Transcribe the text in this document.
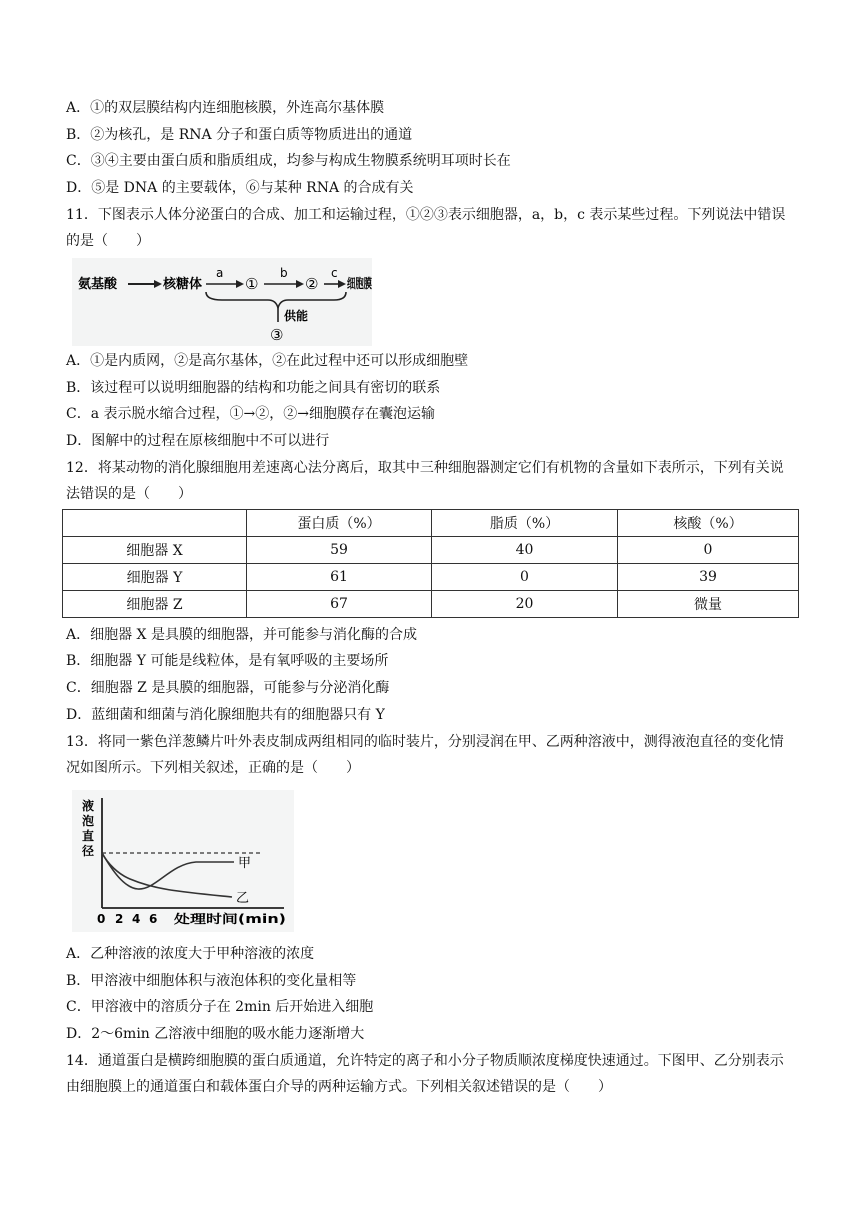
A．①的双层膜结构内连细胞核膜，外连高尔基体膜
B．②为核孔，是 RNA 分子和蛋白质等物质进出的通道
C．③④主要由蛋白质和脂质组成，均参与构成生物膜系统明耳项时长在
D．⑤是 DNA 的主要载体，⑥与某种 RNA 的合成有关
11．下图表示人体分泌蛋白的合成、加工和运输过程，①②③表示细胞器，a，b，c 表示某些过程。下列说法中错误的是（　　）
氨基酸	核糖体
a
①
b
②
c
细胞膜
供能
③
A．①是内质网，②是高尔基体，②在此过程中还可以形成细胞壁
B．该过程可以说明细胞器的结构和功能之间具有密切的联系
C．a 表示脱水缩合过程，①→②，②→细胞膜存在囊泡运输
D．图解中的过程在原核细胞中不可以进行
12．将某动物的消化腺细胞用差速离心法分离后，取其中三种细胞器测定它们有机物的含量如下表所示，下列有关说法错误的是（　　）
	蛋白质（%）	脂质（%）	核酸（%）
细胞器 X	59	40	0
细胞器 Y	61	0	39
细胞器 Z	67	20	微量
A．细胞器 X 是具膜的细胞器，并可能参与消化酶的合成
B．细胞器 Y 可能是线粒体，是有氧呼吸的主要场所
C．细胞器 Z 是具膜的细胞器，可能参与分泌消化酶
D．蓝细菌和细菌与消化腺细胞共有的细胞器只有 Y
13．将同一紫色洋葱鳞片叶外表皮制成两组相同的临时装片，分别浸润在甲、乙两种溶液中，测得液泡直径的变化情况如图所示。下列相关叙述，正确的是（　　）
液
泡
直
径
甲
乙
0 2 4 6 处理时间(min)
A．乙种溶液的浓度大于甲种溶液的浓度
B．甲溶液中细胞体积与液泡体积的变化量相等
C．甲溶液中的溶质分子在 2min 后开始进入细胞
D．2～6min 乙溶液中细胞的吸水能力逐渐增大
14．通道蛋白是横跨细胞膜的蛋白质通道，允许特定的离子和小分子物质顺浓度梯度快速通过。下图甲、乙分别表示由细胞膜上的通道蛋白和载体蛋白介导的两种运输方式。下列相关叙述错误的是（　　）
